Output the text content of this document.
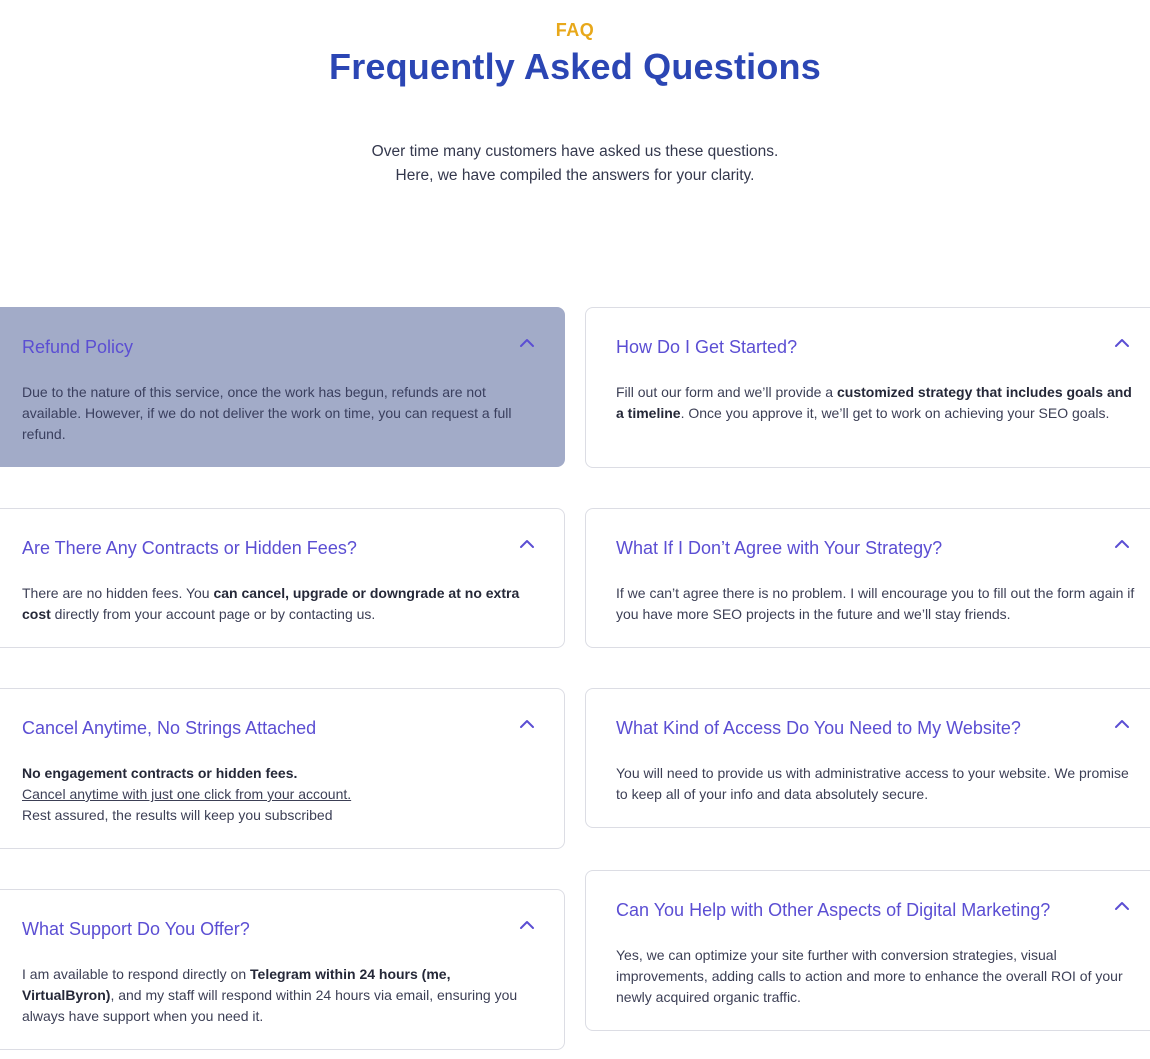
FAQ
Frequently Asked Questions
Over time many customers have asked us these questions.
Here, we have compiled the answers for your clarity.
Refund Policy
Due to the nature of this service, once the work has begun, refunds are not available. However, if we do not deliver the work on time, you can request a full refund.
Are There Any Contracts or Hidden Fees?
There are no hidden fees. You can cancel, upgrade or downgrade at no extra cost directly from your account page or by contacting us.
Cancel Anytime, No Strings Attached
No engagement contracts or hidden fees.
Cancel anytime with just one click from your account.
Rest assured, the results will keep you subscribed
What Support Do You Offer?
I am available to respond directly on Telegram within 24 hours (me, VirtualByron), and my staff will respond within 24 hours via email, ensuring you always have support when you need it.
How Do I Get Started?
Fill out our form and we’ll provide a customized strategy that includes goals and a timeline. Once you approve it, we’ll get to work on achieving your SEO goals.
What If I Don’t Agree with Your Strategy?
If we can’t agree there is no problem. I will encourage you to fill out the form again if you have more SEO projects in the future and we’ll stay friends.
What Kind of Access Do You Need to My Website?
You will need to provide us with administrative access to your website. We promise to keep all of your info and data absolutely secure.
Can You Help with Other Aspects of Digital Marketing?
Yes, we can optimize your site further with conversion strategies, visual improvements, adding calls to action and more to enhance the overall ROI of your newly acquired organic traffic.
